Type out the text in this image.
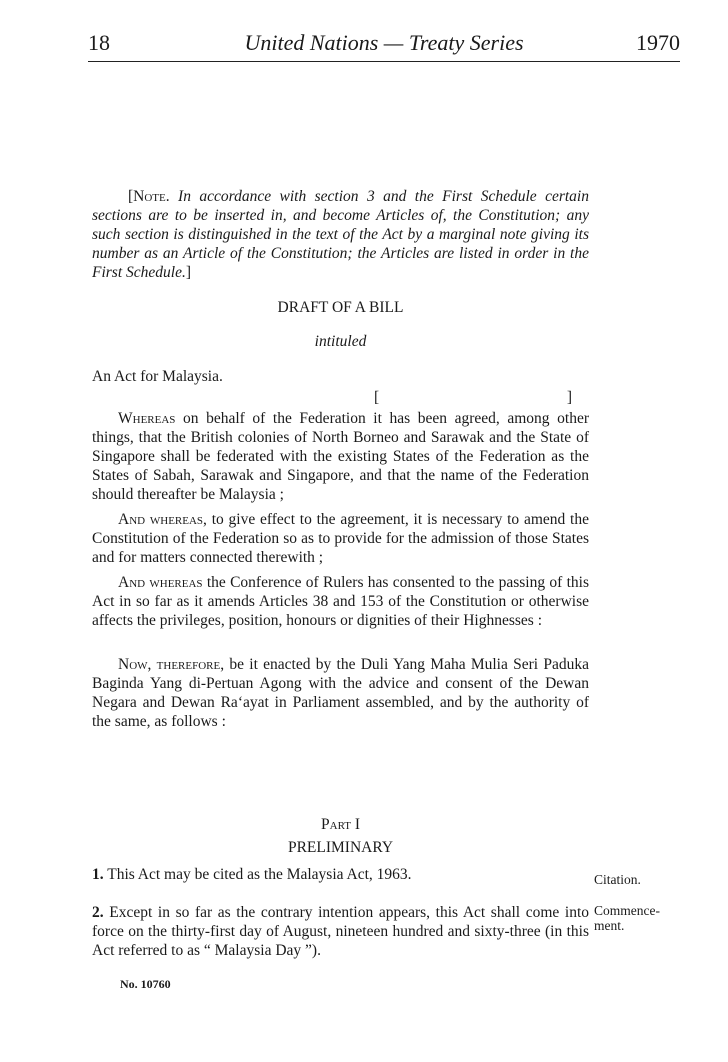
18	United Nations — Treaty Series	1970

[Note. In accordance with section 3 and the First Schedule certain sections are to be inserted in, and become Articles of, the Constitution; any such section is distinguished in the text of the Act by a marginal note giving its number as an Article of the Constitution; the Articles are listed in order in the First Schedule.]

DRAFT OF A BILL
intituled
An Act for Malaysia.
[	]

Whereas on behalf of the Federation it has been agreed, among other things, that the British colonies of North Borneo and Sarawak and the State of Singapore shall be federated with the existing States of the Federation as the States of Sabah, Sarawak and Singapore, and that the name of the Federation should thereafter be Malaysia ;

And whereas, to give effect to the agreement, it is necessary to amend the Constitution of the Federation so as to provide for the admission of those States and for matters connected therewith ;

And whereas the Conference of Rulers has consented to the passing of this Act in so far as it amends Articles 38 and 153 of the Constitution or otherwise affects the privileges, position, honours or dignities of their Highnesses :

Now, therefore, be it enacted by the Duli Yang Maha Mulia Seri Paduka Baginda Yang di-Pertuan Agong with the advice and consent of the Dewan Negara and Dewan Ra‘ayat in Parliament assembled, and by the authority of the same, as follows :

Part I
PRELIMINARY
1. This Act may be cited as the Malaysia Act, 1963.	Citation.
2. Except in so far as the contrary intention appears, this Act shall come into force on the thirty-first day of August, nineteen hundred and sixty-three (in this Act referred to as “ Malaysia Day ”).
Commence-
ment.
No. 10760
